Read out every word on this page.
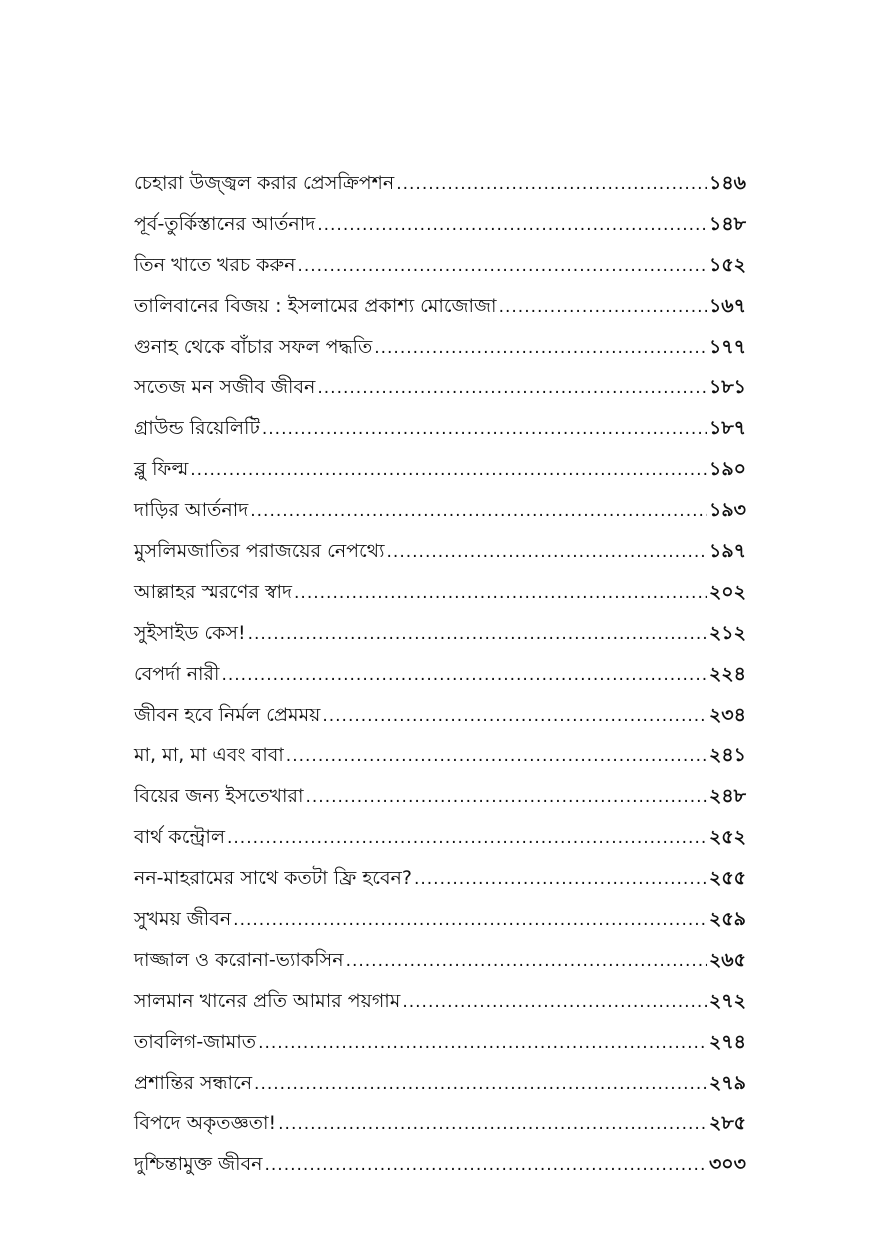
চেহারা উজ্জ্বল করার প্রেসক্রিপশন .....	১৪৬
পূর্ব-তুর্কিস্তানের আর্তনাদ .....	১৪৮
তিন খাতে খরচ করুন .....	১৫২
তালিবানের বিজয় : ইসলামের প্রকাশ্য মোজোজা .....	১৬৭
গুনাহ থেকে বাঁচার সফল পদ্ধতি .....	১৭৭
সতেজ মন সজীব জীবন .....	১৮১
গ্রাউন্ড রিয়েলিটি .....	১৮৭
ব্লু ফিল্ম .....	১৯০
দাড়ির আর্তনাদ .....	১৯৩
মুসলিমজাতির পরাজয়ের নেপথ্যে .....	১৯৭
আল্লাহর স্মরণের স্বাদ .....	২০২
সুইসাইড কেস! .....	২১২
বেপর্দা নারী .....	২২৪
জীবন হবে নির্মল প্রেমময় .....	২৩৪
মা, মা, মা এবং বাবা .....	২৪১
বিয়ের জন্য ইসতেখারা .....	২৪৮
বার্থ কন্ট্রোল .....	২৫২
নন-মাহরামের সাথে কতটা ফ্রি হবেন? .....	২৫৫
সুখময় জীবন .....	২৫৯
দাজ্জাল ও করোনা-ভ্যাকসিন .....	২৬৫
সালমান খানের প্রতি আমার পয়গাম .....	২৭২
তাবলিগ-জামাত .....	২৭৪
প্রশান্তির সন্ধানে .....	২৭৯
বিপদে অকৃতজ্ঞতা! .....	২৮৫
দুশ্চিন্তামুক্ত জীবন .....	৩০৩
